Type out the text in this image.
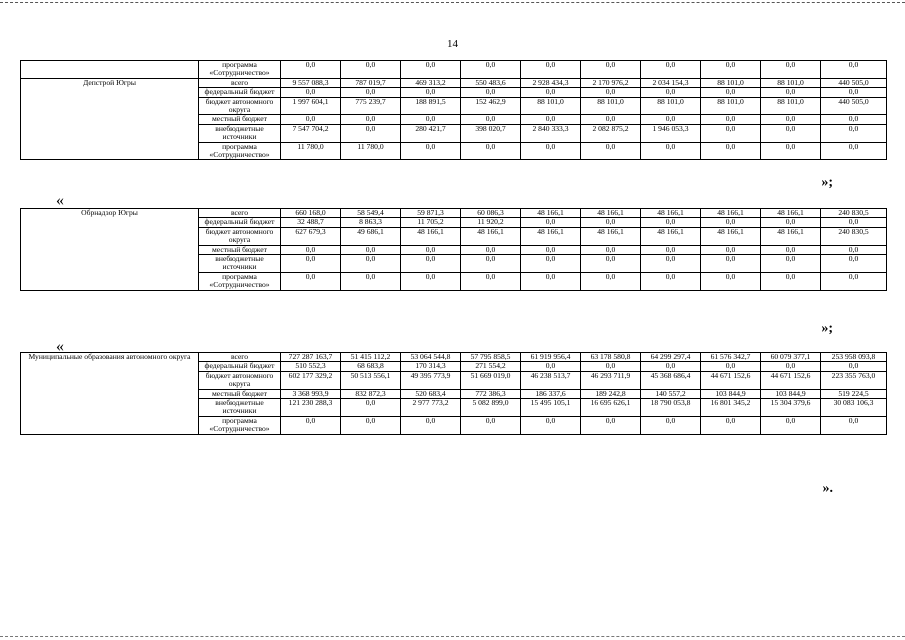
14
	программа «Сотрудничество»	0,0	0,0	0,0	0,0	0,0	0,0	0,0	0,0	0,0	0,0
Депстрой Югры	всего	9 557 088,3	787 019,7	469 313,2	550 483,6	2 928 434,3	2 170 976,2	2 034 154,3	88 101,0	88 101,0	440 505,0
	федеральный бюджет	0,0	0,0	0,0	0,0	0,0	0,0	0,0	0,0	0,0	0,0
	бюджет автономного округа	1 997 604,1	775 239,7	188 891,5	152 462,9	88 101,0	88 101,0	88 101,0	88 101,0	88 101,0	440 505,0
	местный бюджет	0,0	0,0	0,0	0,0	0,0	0,0	0,0	0,0	0,0	0,0
	внебюджетные источники	7 547 704,2	0,0	280 421,7	398 020,7	2 840 333,3	2 082 875,2	1 946 053,3	0,0	0,0	0,0
	программа «Сотрудничество»	11 780,0	11 780,0	0,0	0,0	0,0	0,0	0,0	0,0	0,0	0,0
»;
«
Обрнадзор Югры	всего	660 168,0	58 549,4	59 871,3	60 086,3	48 166,1	48 166,1	48 166,1	48 166,1	48 166,1	240 830,5
	федеральный бюджет	32 488,7	8 863,3	11 705,2	11 920,2	0,0	0,0	0,0	0,0	0,0	0,0
	бюджет автономного округа	627 679,3	49 686,1	48 166,1	48 166,1	48 166,1	48 166,1	48 166,1	48 166,1	48 166,1	240 830,5
	местный бюджет	0,0	0,0	0,0	0,0	0,0	0,0	0,0	0,0	0,0	0,0
	внебюджетные источники	0,0	0,0	0,0	0,0	0,0	0,0	0,0	0,0	0,0	0,0
	программа «Сотрудничество»	0,0	0,0	0,0	0,0	0,0	0,0	0,0	0,0	0,0	0,0
»;
«
Муниципальные образования автономного округа	всего	727 287 163,7	51 415 112,2	53 064 544,8	57 795 858,5	61 919 956,4	63 178 580,8	64 299 297,4	61 576 342,7	60 079 377,1	253 958 093,8
	федеральный бюджет	510 552,3	68 683,8	170 314,3	271 554,2	0,0	0,0	0,0	0,0	0,0	0,0
	бюджет автономного округа	602 177 329,2	50 513 556,1	49 395 773,9	51 669 019,0	46 238 513,7	46 293 711,9	45 368 686,4	44 671 152,6	44 671 152,6	223 355 763,0
	местный бюджет	3 368 993,9	832 872,3	520 683,4	772 386,3	186 337,6	189 242,8	140 557,2	103 844,9	103 844,9	519 224,5
	внебюджетные источники	121 230 288,3	0,0	2 977 773,2	5 082 899,0	15 495 105,1	16 695 626,1	18 790 053,8	16 801 345,2	15 304 379,6	30 083 106,3
	программа «Сотрудничество»	0,0	0,0	0,0	0,0	0,0	0,0	0,0	0,0	0,0	0,0
».
